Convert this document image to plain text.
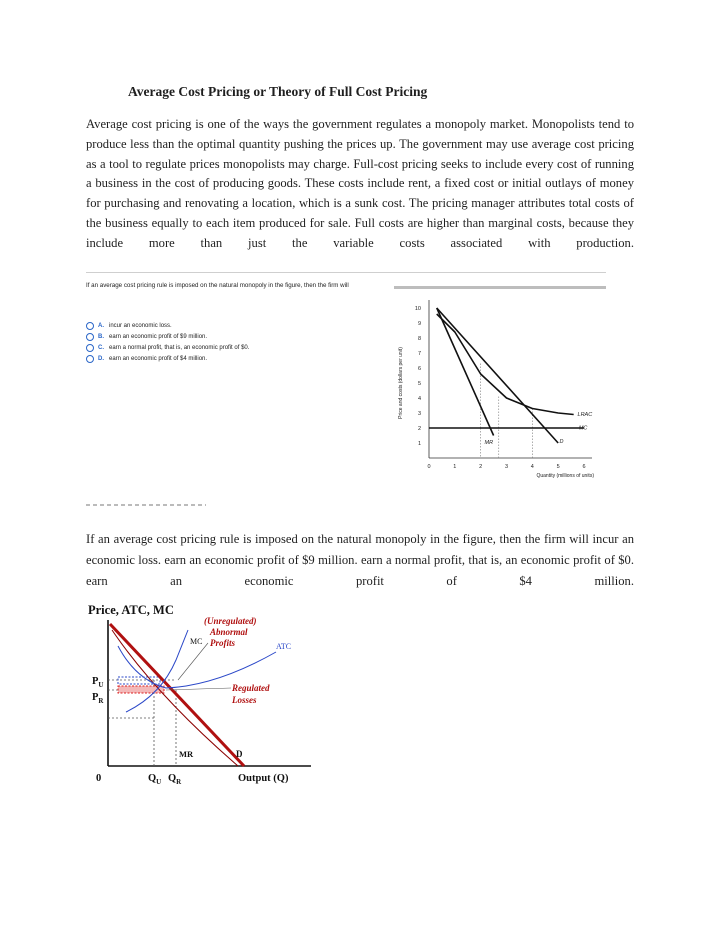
Average Cost Pricing or Theory of Full Cost Pricing
Average cost pricing is one of the ways the government regulates a monopoly market. Monopolists tend to produce less than the optimal quantity pushing the prices up. The government may use average cost pricing as a tool to regulate prices monopolists may charge. Full-cost pricing seeks to include every cost of running a business in the cost of producing goods. These costs include rent, a fixed cost or initial outlays of money for purchasing and renovating a location, which is a sunk cost. The pricing manager attributes total costs of the business equally to each item produced for sale. Full costs are higher than marginal costs, because they include more than just the variable costs associated with production.
If an average cost pricing rule is imposed on the natural monopoly in the figure, then the firm will
A. incur an economic loss.
B. earn an economic profit of $9 million.
C. earn a normal profit, that is, an economic profit of $0.
D. earn an economic profit of $4 million.
1
2
3
4
5
6
7
8
9
10
0	1	2	3	4	5	6
Quantity (millions of units)
Price and costs (dollars per unit)	LRAC
MC
D
MR
If an average cost pricing rule is imposed on the natural monopoly in the figure, then the firm will incur an economic loss. earn an economic profit of $9 million. earn a normal profit, that is, an economic profit of $0. earn an economic profit of $4 million.
Price, ATC, MC
MC
ATC
(Unregulated)
Abnormal
Profits
Regulated
Losses
MR	D
$P_U$
$P_R$
0	$Q_U$ $Q_R$	Output (Q)
